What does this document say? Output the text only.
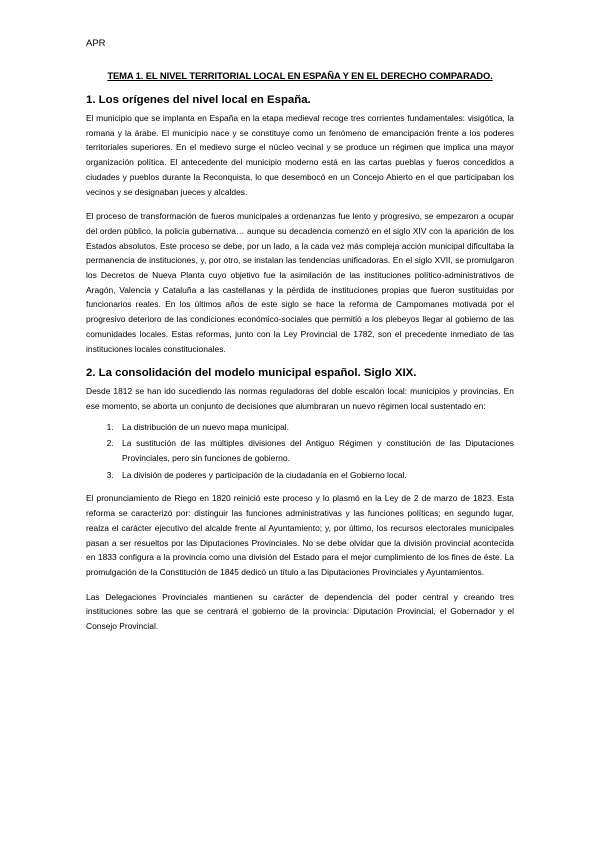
APR
TEMA 1. EL NIVEL TERRITORIAL LOCAL EN ESPAÑA Y EN EL DERECHO COMPARADO.
1. Los orígenes del nivel local en España.

El municipio que se implanta en España en la etapa medieval recoge tres corrientes fundamentales: visigótica, la romana y la árabe. El municipio nace y se constituye como un fenómeno de emancipación frente a los poderes territoriales superiores. En el medievo surge el núcleo vecinal y se produce un régimen que implica una mayor organización política. El antecedente del municipio moderno está en las cartas pueblas y fueros concedidos a ciudades y pueblos durante la Reconquista, lo que desembocó en un Concejo Abierto en el que participaban los vecinos y se designaban jueces y alcaldes.

El proceso de transformación de fueros municipales a ordenanzas fue lento y progresivo, se empezaron a ocupar del orden público, la policía gubernativa… aunque su decadencia comenzó en el siglo XIV con la aparición de los Estados absolutos. Este proceso se debe, por un lado, a la cada vez más compleja acción municipal dificultaba la permanencia de instituciones, y, por otro, se instalan las tendencias unificadoras. En el siglo XVII, se promulgaron los Decretos de Nueva Planta cuyo objetivo fue la asimilación de las instituciones político-administrativos de Aragón, Valencia y Cataluña a las castellanas y la pérdida de instituciones propias que fueron sustituidas por funcionarios reales. En los últimos años de este siglo se hace la reforma de Campomanes motivada por el progresivo deterioro de las condiciones económico-sociales que permitió a los plebeyos llegar al gobierno de las comunidades locales. Estas reformas, junto con la Ley Provincial de 1782, son el precedente inmediato de las instituciones locales constitucionales.

2. La consolidación del modelo municipal español. Siglo XIX.

Desde 1812 se han ido sucediendo las normas reguladoras del doble escalón local: municipios y provincias. En ese momento, se aborta un conjunto de decisiones que alumbraran un nuevo régimen local sustentado en:

1. La distribución de un nuevo mapa municipal.
2. La sustitución de las múltiples divisiones del Antiguo Régimen y constitución de las Diputaciones Provinciales, pero sin funciones de gobierno.
3. La división de poderes y participación de la ciudadanía en el Gobierno local.

El pronunciamiento de Riego en 1820 reinició este proceso y lo plasmó en la Ley de 2 de marzo de 1823. Esta reforma se caracterizó por: distinguir las funciones administrativas y las funciones políticas; en segundo lugar, realza el carácter ejecutivo del alcalde frente al Ayuntamiento; y, por último, los recursos electorales municipales pasan a ser resueltos por las Diputaciones Provinciales. No se debe olvidar que la división provincial acontecida en 1833 configura a la provincia como una división del Estado para el mejor cumplimiento de los fines de éste. La promulgación de la Constitución de 1845 dedicó un título a las Diputaciones Provinciales y Ayuntamientos.

Las Delegaciones Provinciales mantienen su carácter de dependencia del poder central y creando tres instituciones sobre las que se centrará el gobierno de la provincia: Diputación Provincial, el Gobernador y el Consejo Provincial.
